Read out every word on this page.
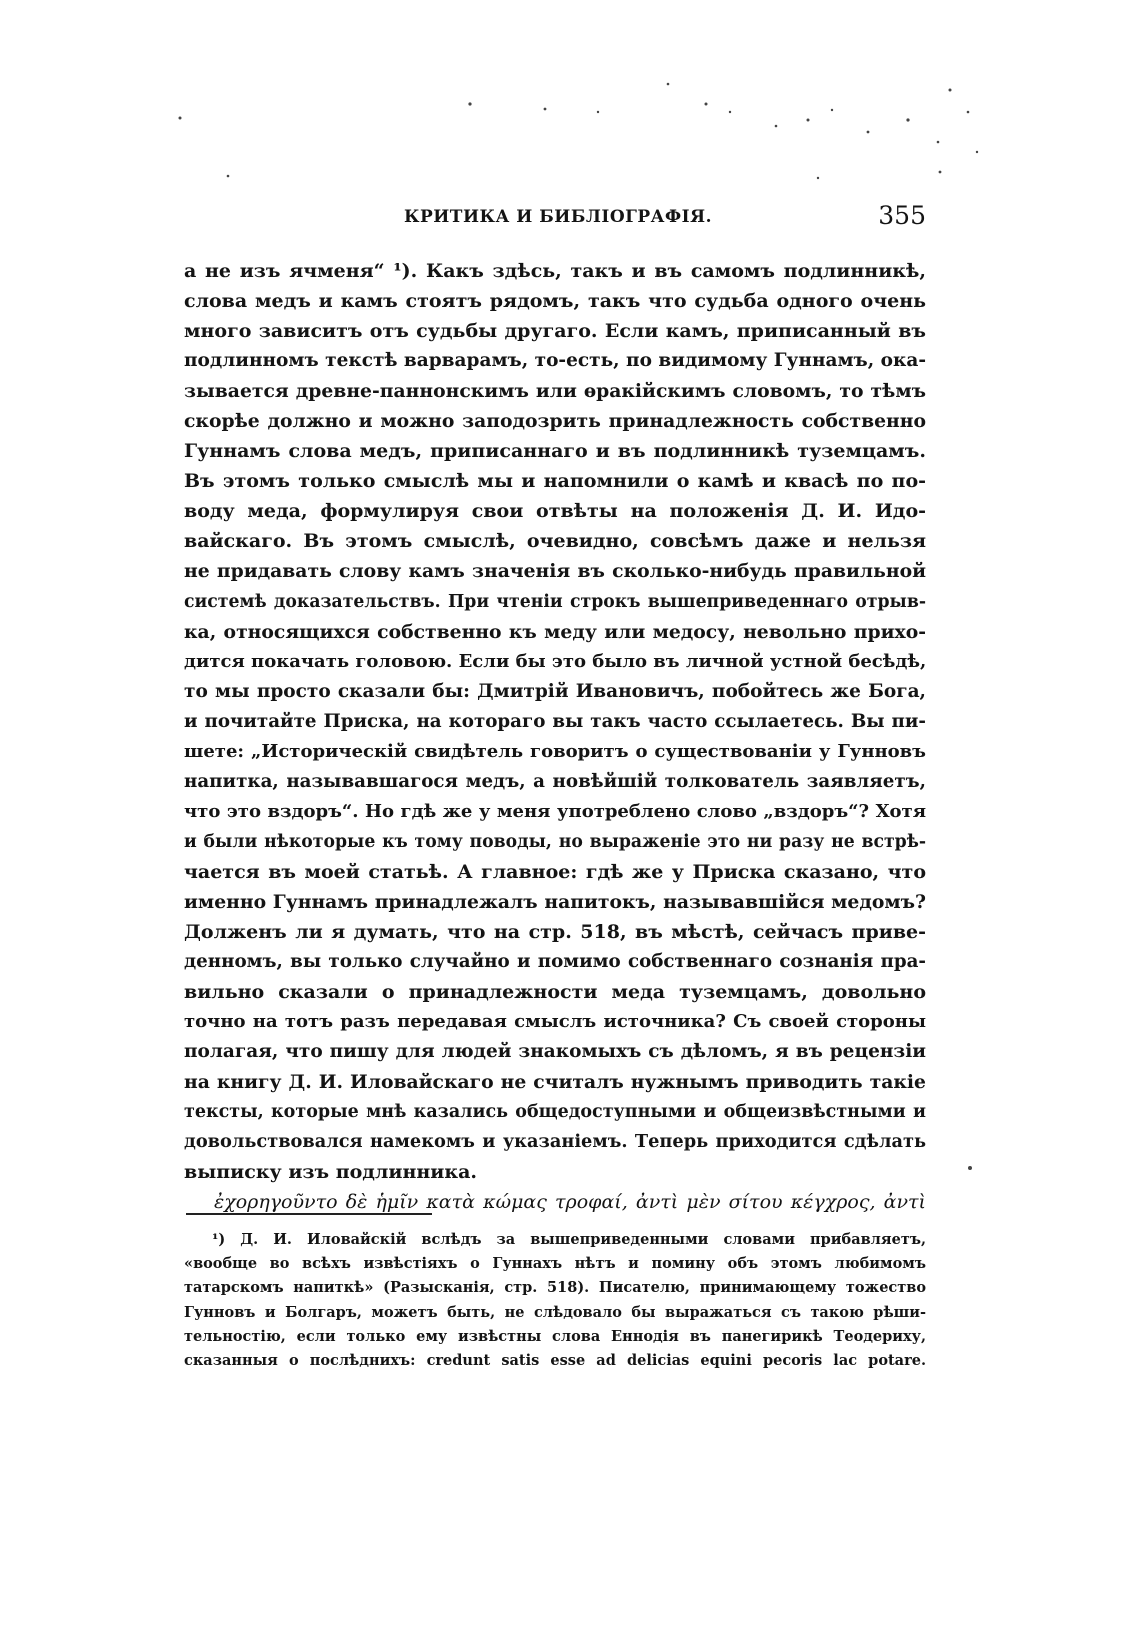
КРИТИКА И БИБЛІОГРАФІЯ.	355
а не изъ ячменя“ ¹). Какъ здѣсь, такъ и въ самомъ подлинникѣ,
слова медъ и камъ стоятъ рядомъ, такъ что судьба одного очень
много зависитъ отъ судьбы другаго. Если камъ, приписанный въ
подлинномъ текстѣ варварамъ, то-есть, по видимому Гуннамъ, ока-
зывается древне-паннонскимъ или ѳракійскимъ словомъ, то тѣмъ
скорѣе должно и можно заподозрить принадлежность собственно
Гуннамъ слова медъ, приписаннаго и въ подлинникѣ туземцамъ.
Въ этомъ только смыслѣ мы и напомнили о камѣ и квасѣ по по-
воду меда, формулируя свои отвѣты на положенія Д. И. Идо-
вайскаго. Въ этомъ смыслѣ, очевидно, совсѣмъ даже и нельзя
не придавать слову камъ значенія въ сколько-нибудь правильной
системѣ доказательствъ. При чтеніи строкъ вышеприведеннаго отрыв-
ка, относящихся собственно къ меду или медосу, невольно прихо-
дится покачать головою. Если бы это было въ личной устной бесѣдѣ,
то мы просто сказали бы: Дмитрій Ивановичъ, побойтесь же Бога,
и почитайте Приска, на котораго вы такъ часто ссылаетесь. Вы пи-
шете: „Историческій свидѣтель говоритъ о существованіи у Гунновъ
напитка, называвшагося медъ, а новѣйшій толкователь заявляетъ,
что это вздоръ“. Но гдѣ же у меня употреблено слово „вздоръ“? Хотя
и были нѣкоторые къ тому поводы, но выраженіе это ни разу не встрѣ-
чается въ моей статьѣ. А главное: гдѣ же у Приска сказано, что
именно Гуннамъ принадлежалъ напитокъ, называвшійся медомъ?
Долженъ ли я думать, что на стр. 518, въ мѣстѣ, сейчасъ приве-
денномъ, вы только случайно и помимо собственнаго сознанія пра-
вильно сказали о принадлежности меда туземцамъ, довольно
точно на тотъ разъ передавая смыслъ источника? Съ своей стороны
полагая, что пишу для людей знакомыхъ съ дѣломъ, я въ рецензіи
на книгу Д. И. Иловайскаго не считалъ нужнымъ приводить такіе
тексты, которые мнѣ казались общедоступными и общеизвѣстными и
довольствовался намекомъ и указаніемъ. Теперь приходится сдѣлать
выписку изъ подлинника.
ἐχορηγοῦντο δὲ ἡμῖν κατὰ κώμας τροφαί, ἀντὶ μὲν σίτου κέγχρος, ἀντὶ
¹) Д. И. Иловайскій вслѣдъ за вышеприведенными словами прибавляетъ,
«вообще во всѣхъ извѣстіяхъ о Гуннахъ нѣтъ и помину объ этомъ любимомъ
татарскомъ напиткѣ» (Разысканія, стр. 518). Писателю, принимающему тожество
Гунновъ и Болгаръ, можетъ быть, не слѣдовало бы выражаться съ такою рѣши-
тельностію, если только ему извѣстны слова Еннодія въ панегирикѣ Теодериху,
сказанныя о послѣднихъ: credunt satis esse ad delicias equini pecoris lac potare.
